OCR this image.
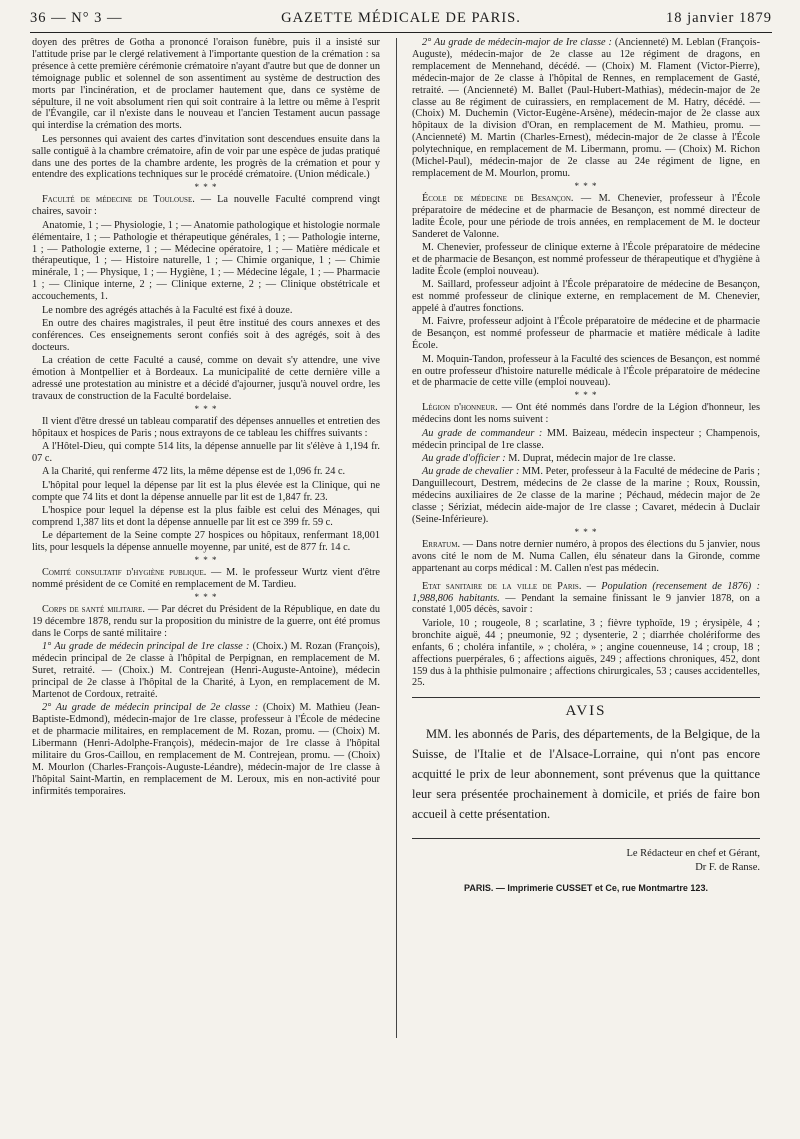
36 — N° 3 —	GAZETTE MÉDICALE DE PARIS.	18 janvier 1879

doyen des prêtres de Gotha a prononcé l'oraison funèbre, puis il a insisté sur l'attitude prise par le clergé relativement à l'importante question de la crémation : sa présence à cette première cérémonie crématoire n'ayant d'autre but que de donner un témoignage public et solennel de son assentiment au système de destruction des morts par l'incinération, et de proclamer hautement que, dans ce système de sépulture, il ne voit absolument rien qui soit contraire à la lettre ou même à l'esprit de l'Évangile, car il n'existe dans le nouveau et l'ancien Testament aucun passage qui interdise la crémation des morts.

Les personnes qui avaient des cartes d'invitation sont descendues ensuite dans la salle contiguë à la chambre crématoire, afin de voir par une espèce de judas pratiqué dans une des portes de la chambre ardente, les progrès de la crémation et pour y entendre des explications techniques sur le procédé crématoire. (Union médicale.)

* * *

Faculté de médecine de Toulouse. — La nouvelle Faculté comprend vingt chaires, savoir :

Anatomie, 1 ; — Physiologie, 1 ; — Anatomie pathologique et histologie normale élémentaire, 1 ; — Pathologie et thérapeutique générales, 1 ; — Pathologie interne, 1 ; — Pathologie externe, 1 ; — Médecine opératoire, 1 ; — Matière médicale et thérapeutique, 1 ; — Histoire naturelle, 1 ; — Chimie organique, 1 ; — Chimie minérale, 1 ; — Physique, 1 ; — Hygiène, 1 ; — Médecine légale, 1 ; — Pharmacie 1 ; — Clinique interne, 2 ; — Clinique externe, 2 ; — Clinique obstétricale et accouchements, 1.

Le nombre des agrégés attachés à la Faculté est fixé à douze.

En outre des chaires magistrales, il peut être institué des cours annexes et des conférences. Ces enseignements seront confiés soit à des agrégés, soit à des docteurs.

La création de cette Faculté a causé, comme on devait s'y attendre, une vive émotion à Montpellier et à Bordeaux. La municipalité de cette dernière ville a adressé une protestation au ministre et a décidé d'ajourner, jusqu'à nouvel ordre, les travaux de construction de la Faculté bordelaise.

* * *

Il vient d'être dressé un tableau comparatif des dépenses annuelles et entretien des hôpitaux et hospices de Paris ; nous extrayons de ce tableau les chiffres suivants :

A l'Hôtel-Dieu, qui compte 514 lits, la dépense annuelle par lit s'élève à 1,194 fr. 07 c.

A la Charité, qui renferme 472 lits, la même dépense est de 1,096 fr. 24 c.

L'hôpital pour lequel la dépense par lit est la plus élevée est la Clinique, qui ne compte que 74 lits et dont la dépense annuelle par lit est de 1,847 fr. 23.

L'hospice pour lequel la dépense est la plus faible est celui des Ménages, qui comprend 1,387 lits et dont la dépense annuelle par lit est ce 399 fr. 59 c.

Le département de la Seine compte 27 hospices ou hôpitaux, renfermant 18,001 lits, pour lesquels la dépense annuelle moyenne, par unité, est de 877 fr. 14 c.

* * *

Comité consultatif d'hygiène publique. — M. le professeur Wurtz vient d'être nommé président de ce Comité en remplacement de M. Tardieu.

* * *

Corps de santé militaire. — Par décret du Président de la République, en date du 19 décembre 1878, rendu sur la proposition du ministre de la guerre, ont été promus dans le Corps de santé militaire :

1° Au grade de médecin principal de 1re classe : (Choix.) M. Rozan (François), médecin principal de 2e classe à l'hôpital de Perpignan, en remplacement de M. Suret, retraité. — (Choix.) M. Contrejean (Henri-Auguste-Antoine), médecin principal de 2e classe à l'hôpital de la Charité, à Lyon, en remplacement de M. Martenot de Cordoux, retraité.

2° Au grade de médecin principal de 2e classe : (Choix) M. Mathieu (Jean-Baptiste-Edmond), médecin-major de 1re classe, professeur à l'École de médecine et de pharmacie militaires, en remplacement de M. Rozan, promu. — (Choix) M. Libermann (Henri-Adolphe-François), médecin-major de 1re classe à l'hôpital militaire du Gros-Caillou, en remplacement de M. Contrejean, promu. — (Choix) M. Mourlon (Charles-François-Auguste-Léandre), médecin-major de 1re classe à l'hôpital Saint-Martin, en remplacement de M. Leroux, mis en non-activité pour infirmités temporaires.

2° Au grade de médecin-major de Ire classe : (Ancienneté) M. Leblan (François-Auguste), médecin-major de 2e classe au 12e régiment de dragons, en remplacement de Mennehand, décédé. — (Choix) M. Flament (Victor-Pierre), médecin-major de 2e classe à l'hôpital de Rennes, en remplacement de Gasté, retraité. — (Ancienneté) M. Ballet (Paul-Hubert-Mathias), médecin-major de 2e classe au 8e régiment de cuirassiers, en remplacement de M. Hatry, décédé. — (Choix) M. Duchemin (Victor-Eugène-Arsène), médecin-major de 2e classe aux hôpitaux de la division d'Oran, en remplacement de M. Mathieu, promu. — (Ancienneté) M. Martin (Charles-Ernest), médecin-major de 2e classe à l'École polytechnique, en remplacement de M. Libermann, promu. — (Choix) M. Richon (Michel-Paul), médecin-major de 2e classe au 24e régiment de ligne, en remplacement de M. Mourlon, promu.

* * *

École de médecine de Besançon. — M. Chenevier, professeur à l'École préparatoire de médecine et de pharmacie de Besançon, est nommé directeur de ladite École, pour une période de trois années, en remplacement de M. le docteur Sanderet de Valonne.

M. Chenevier, professeur de clinique externe à l'École préparatoire de médecine et de pharmacie de Besançon, est nommé professeur de thérapeutique et d'hygiène à ladite École (emploi nouveau).

M. Saillard, professeur adjoint à l'École préparatoire de médecine de Besançon, est nommé professeur de clinique externe, en remplacement de M. Chenevier, appelé à d'autres fonctions.

M. Faivre, professeur adjoint à l'École préparatoire de médecine et de pharmacie de Besançon, est nommé professeur de pharmacie et matière médicale à ladite École.

M. Moquin-Tandon, professeur à la Faculté des sciences de Besançon, est nommé en outre professeur d'histoire naturelle médicale à l'École préparatoire de médecine et de pharmacie de cette ville (emploi nouveau).

* * *

Légion d'honneur. — Ont été nommés dans l'ordre de la Légion d'honneur, les médecins dont les noms suivent :

Au grade de commandeur : MM. Baizeau, médecin inspecteur ; Champenois, médecin principal de 1re classe.

Au grade d'officier : M. Duprat, médecin major de 1re classe.

Au grade de chevalier : MM. Peter, professeur à la Faculté de médecine de Paris ; Danguillecourt, Destrem, médecins de 2e classe de la marine ; Roux, Roussin, médecins auxiliaires de 2e classe de la marine ; Péchaud, médecin major de 2e classe ; Sériziat, médecin aide-major de 1re classe ; Cavaret, médecin à Duclair (Seine-Inférieure).

* * *

Erratum. — Dans notre dernier numéro, à propos des élections du 5 janvier, nous avons cité le nom de M. Numa Callen, élu sénateur dans la Gironde, comme appartenant au corps médical : M. Callen n'est pas médecin.

Etat sanitaire de la ville de Paris. — Population (recensement de 1876) : 1,988,806 habitants. — Pendant la semaine finissant le 9 janvier 1878, on a constaté 1,005 décès, savoir :

Variole, 10 ; rougeole, 8 ; scarlatine, 3 ; fièvre typhoïde, 19 ; érysipèle, 4 ; bronchite aiguë, 44 ; pneumonie, 92 ; dysenterie, 2 ; diarrhée cholériforme des enfants, 6 ; choléra infantile, » ; choléra, » ; angine couenneuse, 14 ; croup, 18 ; affections puerpérales, 6 ; affections aiguës, 249 ; affections chroniques, 452, dont 159 dus à la phthisie pulmonaire ; affections chirurgicales, 53 ; causes accidentelles, 25.

AVIS
MM. les abonnés de Paris, des départements, de la Belgique, de la Suisse, de l'Italie et de l'Alsace-Lorraine, qui n'ont pas encore acquitté le prix de leur abonnement, sont prévenus que la quittance leur sera présentée prochainement à domicile, et priés de faire bon accueil à cette présentation.
Le Rédacteur en chef et Gérant,
Dr F. de Ranse.
PARIS. — Imprimerie CUSSET et Ce, rue Montmartre 123.
